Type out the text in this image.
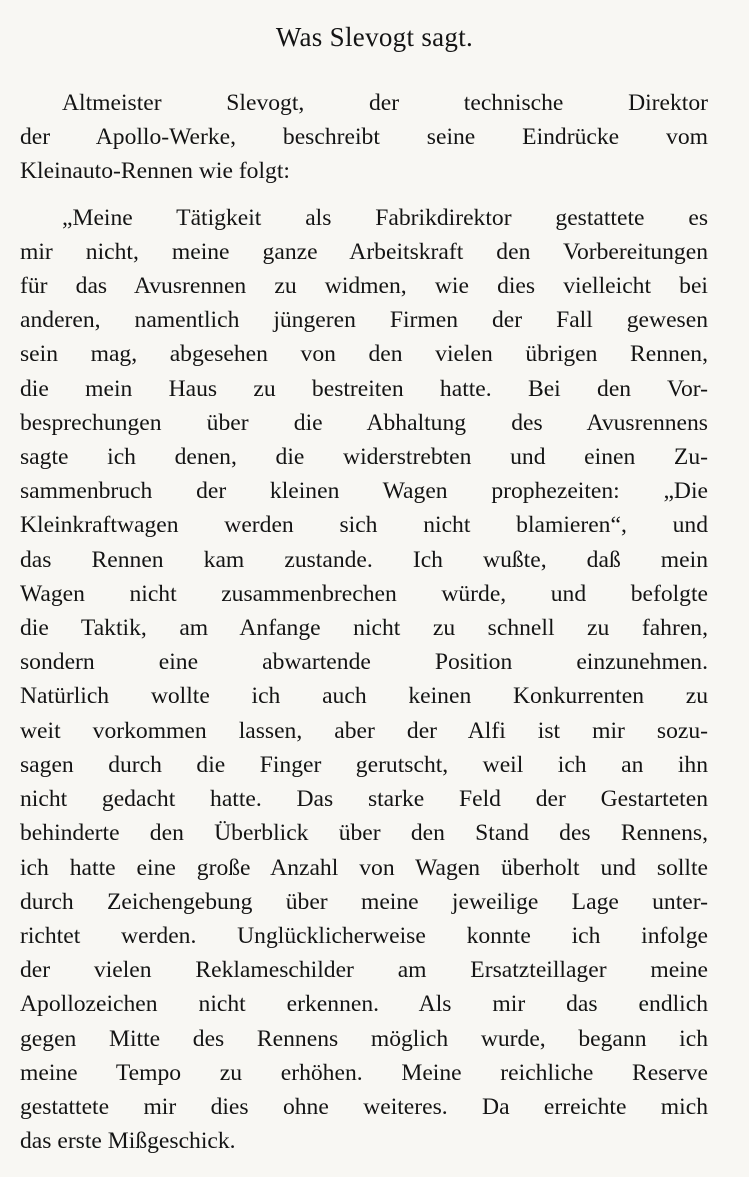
Was Slevogt sagt.
Altmeister Slevogt, der technische Direktor
der Apollo-Werke, beschreibt seine Eindrücke vom
Kleinauto-Rennen wie folgt:
„Meine Tätigkeit als Fabrikdirektor gestattete es
mir nicht, meine ganze Arbeitskraft den Vorbereitungen
für das Avusrennen zu widmen, wie dies vielleicht bei
anderen, namentlich jüngeren Firmen der Fall gewesen
sein mag, abgesehen von den vielen übrigen Rennen,
die mein Haus zu bestreiten hatte. Bei den Vor-
besprechungen über die Abhaltung des Avusrennens
sagte ich denen, die widerstrebten und einen Zu-
sammenbruch der kleinen Wagen prophezeiten: „Die
Kleinkraftwagen werden sich nicht blamieren“, und
das Rennen kam zustande. Ich wußte, daß mein
Wagen nicht zusammenbrechen würde, und befolgte
die Taktik, am Anfange nicht zu schnell zu fahren,
sondern eine abwartende Position einzunehmen.
Natürlich wollte ich auch keinen Konkurrenten zu
weit vorkommen lassen, aber der Alfi ist mir sozu-
sagen durch die Finger gerutscht, weil ich an ihn
nicht gedacht hatte. Das starke Feld der Gestarteten
behinderte den Überblick über den Stand des Rennens,
ich hatte eine große Anzahl von Wagen überholt und sollte
durch Zeichengebung über meine jeweilige Lage unter-
richtet werden. Unglücklicherweise konnte ich infolge
der vielen Reklameschilder am Ersatzteillager meine
Apollozeichen nicht erkennen. Als mir das endlich
gegen Mitte des Rennens möglich wurde, begann ich
meine Tempo zu erhöhen. Meine reichliche Reserve
gestattete mir dies ohne weiteres. Da erreichte mich
das erste Mißgeschick.
